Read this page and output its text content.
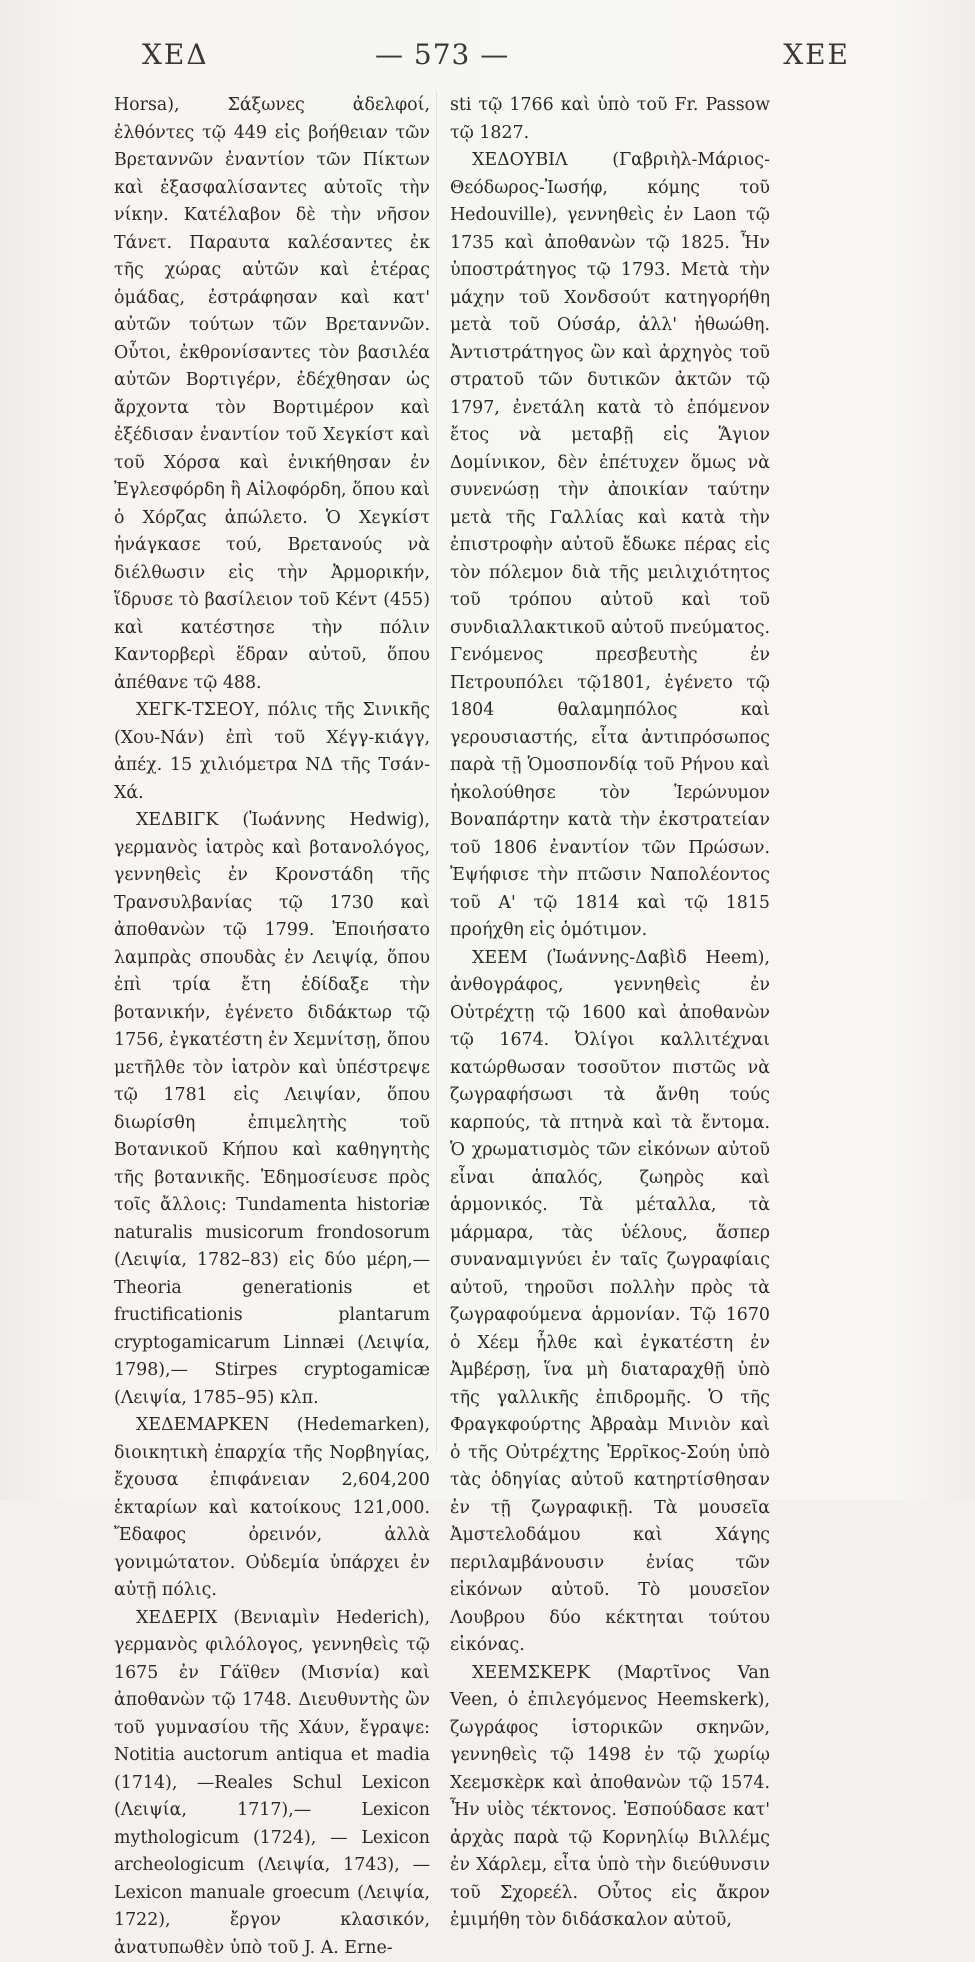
ΧΕΔ	— 573 —	ΧΕΕ

Horsa), Σάξωνες ἀδελφοί, ἐλθόντες τῷ 449 εἰς βοήθειαν τῶν Βρεταννῶν ἐναντίον τῶν Πίκτων καὶ ἐξασφαλίσαντες αὐτοῖς τὴν νίκην. Κατέλαβον δὲ τὴν νῆσον Τάνετ. Παραυτα καλέσαντες ἐκ τῆς χώρας αὐτῶν καὶ ἑτέρας ὁμάδας, ἐστράφησαν καὶ κατ' αὐτῶν τούτων τῶν Βρεταννῶν. Οὗτοι, ἐκθρονίσαντες τὸν βασιλέα αὐτῶν Βορτιγέρν, ἐδέχθησαν ὡς ἄρχοντα τὸν Βορτιμέρον καὶ ἐξέδισαν ἐναντίον τοῦ Χεγκίστ καὶ τοῦ Χόρσα καὶ ἐνικήθησαν ἐν Ἐγλεσφόρδη ἢ Αἰλοφόρδη, ὅπου καὶ ὁ Χόρζας ἀπώλετο. Ὁ Χεγκίστ ἠνάγκασε τού, Βρετανούς νὰ διέλθωσιν εἰς τὴν Ἀρμορικήν, ἵδρυσε τὸ βασίλειον τοῦ Κέντ (455) καὶ κατέστησε τὴν πόλιν Καντορβερὶ ἕδραν αὐτοῦ, ὅπου ἀπέθανε τῷ 488.

ΧΕΓΚ-ΤΣΕΟΥ, πόλις τῆς Σινικῆς (Χου-Νάν) ἐπὶ τοῦ Χέγγ-κιάγγ, ἀπέχ. 15 χιλιόμετρα ΝΔ τῆς Τσάν-Χά.

ΧΕΔΒΙΓΚ (Ἰωάννης Hedwig), γερμανὸς ἰατρὸς καὶ βοτανολόγος, γεννηθεὶς ἐν Κρονστάδη τῆς Τρανσυλβανίας τῷ 1730 καὶ ἀποθανὼν τῷ 1799. Ἐποιήσατο λαμπρὰς σπουδὰς ἐν Λειψίᾳ, ὅπου ἐπὶ τρία ἔτη ἐδίδαξε τὴν βοτανικήν, ἐγένετο διδάκτωρ τῷ 1756, ἐγκατέστη ἐν Χεμνίτσῃ, ὅπου μετῆλθε τὸν ἰατρὸν καὶ ὑπέστρεψε τῷ 1781 εἰς Λειψίαν, ὅπου διωρίσθη ἐπιμελητὴς τοῦ Βοτανικοῦ Κήπου καὶ καθηγητὴς τῆς βοτανικῆς. Ἐδημοσίευσε πρὸς τοῖς ἄλλοις: Tundamenta historiæ naturalis musicorum frondosorum (Λειψία, 1782–83) εἰς δύο μέρη,— Theoria generationis et fructificationis plantarum cryptogamicarum Linnæi (Λειψία, 1798),— Stirpes cryptogamicæ (Λειψία, 1785–95) κλπ.

ΧΕΔΕΜΑΡΚΕΝ (Hedemarken), διοικητικὴ ἐπαρχία τῆς Νορβηγίας, ἔχουσα ἐπιφάνειαν 2,604,200 ἑκταρίων καὶ κατοίκους 121,000. Ἔδαφος ὀρεινόν, ἀλλὰ γονιμώτατον. Οὐδεμία ὑπάρχει ἐν αὐτῇ πόλις.

ΧΕΔΕΡΙΧ (Βενιαμὶν Hederich), γερμανὸς φιλόλογος, γεννηθεὶς τῷ 1675 ἐν Γάϊθεν (Μισνία) καὶ ἀποθανὼν τῷ 1748. Διευθυντὴς ὢν τοῦ γυμνασίου τῆς Χάυν, ἔγραψε: Notitia auctorum antiqua et madia (1714), —Reales Schul Lexicon (Λειψία, 1717),— Lexicon mythologicum (1724), — Lexicon archeologicum (Λειψία, 1743), — Lexicon manuale groecum (Λειψία, 1722), ἔργον κλασικόν, ἀνατυπωθὲν ὑπὸ τοῦ J. A. Erne-

sti τῷ 1766 καὶ ὑπὸ τοῦ Fr. Passow τῷ 1827.

ΧΕΔΟΥΒΙΛ (Γαβριὴλ-Μάριος-Θεόδωρος-Ἰωσήφ, κόμης τοῦ Hedouville), γεννηθεὶς ἐν Laon τῷ 1735 καὶ ἀποθανὼν τῷ 1825. Ἦν ὑποστράτηγος τῷ 1793. Μετὰ τὴν μάχην τοῦ Χονδσούτ κατηγορήθη μετὰ τοῦ Ούσάρ, ἀλλ' ἠθωώθη. Ἀντιστράτηγος ὢν καὶ ἀρχηγὸς τοῦ στρατοῦ τῶν δυτικῶν ἀκτῶν τῷ 1797, ἐνετάλη κατὰ τὸ ἑπόμενον ἔτος νὰ μεταβῇ εἰς Ἅγιον Δομίνικον, δὲν ἐπέτυχεν ὅμως νὰ συνενώσῃ τὴν ἀποικίαν ταύτην μετὰ τῆς Γαλλίας καὶ κατὰ τὴν ἐπιστροφὴν αὐτοῦ ἔδωκε πέρας εἰς τὸν πόλεμον διὰ τῆς μειλιχιότητος τοῦ τρόπου αὐτοῦ καὶ τοῦ συνδιαλλακτικοῦ αὐτοῦ πνεύματος. Γενόμενος πρεσβευτὴς ἐν Πετρουπόλει τῷ1801, ἐγένετο τῷ 1804 θαλαμηπόλος καὶ γερουσιαστής, εἶτα ἀντιπρόσωπος παρὰ τῇ Ὁμοσπονδίᾳ τοῦ Ρήνου καὶ ἠκολούθησε τὸν Ἱερώνυμον Βοναπάρτην κατὰ τὴν ἐκστρατείαν τοῦ 1806 ἐναντίον τῶν Πρώσων. Ἐψήφισε τὴν πτῶσιν Ναπολέοντος τοῦ Α' τῷ 1814 καὶ τῷ 1815 προήχθη εἰς ὁμότιμον.

ΧΕΕΜ (Ἰωάννης-Δαβὶδ Heem), ἀνθογράφος, γεννηθεὶς ἐν Οὐτρέχτῃ τῷ 1600 καὶ ἀποθανὼν τῷ 1674. Ὀλίγοι καλλιτέχναι κατώρθωσαν τοσοῦτον πιστῶς νὰ ζωγραφήσωσι τὰ ἄνθη τούς καρπούς, τὰ πτηνὰ καὶ τὰ ἔντομα. Ὁ χρωματισμὸς τῶν εἰκόνων αὐτοῦ εἶναι ἁπαλός, ζωηρὸς καὶ ἁρμονικός. Τὰ μέταλλα, τὰ μάρμαρα, τὰς ὑέλους, ἅσπερ συναναμιγνύει ἐν ταῖς ζωγραφίαις αὐτοῦ, τηροῦσι πολλὴν πρὸς τὰ ζωγραφούμενα ἁρμονίαν. Τῷ 1670 ὁ Χέεμ ἦλθε καὶ ἐγκατέστη ἐν Ἀμβέρσῃ, ἵνα μὴ διαταραχθῇ ὑπὸ τῆς γαλλικῆς ἐπιδρομῆς. Ὁ τῆς Φραγκφούρτης Ἀβραὰμ Μινιὸν καὶ ὁ τῆς Οὐτρέχτης Ἐρρῖκος-Σούη ὑπὸ τὰς ὁδηγίας αὐτοῦ κατηρτίσθησαν ἐν τῇ ζωγραφικῇ. Τὰ μουσεῖα Ἀμστελοδάμου καὶ Χάγης περιλαμβάνουσιν ἐνίας τῶν εἰκόνων αὐτοῦ. Τὸ μουσεῖον Λουβρου δύο κέκτηται τούτου εἰκόνας.

ΧΕΕΜΣΚΕΡΚ (Μαρτῖνος Van Veen, ὁ ἐπιλεγόμενος Heemskerk), ζωγράφος ἱστορικῶν σκηνῶν, γεννηθεὶς τῷ 1498 ἐν τῷ χωρίῳ Χεεμσκὲρκ καὶ ἀποθανὼν τῷ 1574. Ἦν υἱὸς τέκτονος. Ἐσπούδασε κατ' ἀρχὰς παρὰ τῷ Κορνηλίῳ Βιλλέμς ἐν Χάρλεμ, εἶτα ὑπὸ τὴν διεύθυνσιν τοῦ Σχορεέλ. Οὗτος εἰς ἄκρον ἐμιμήθη τὸν διδάσκαλον αὐτοῦ,
